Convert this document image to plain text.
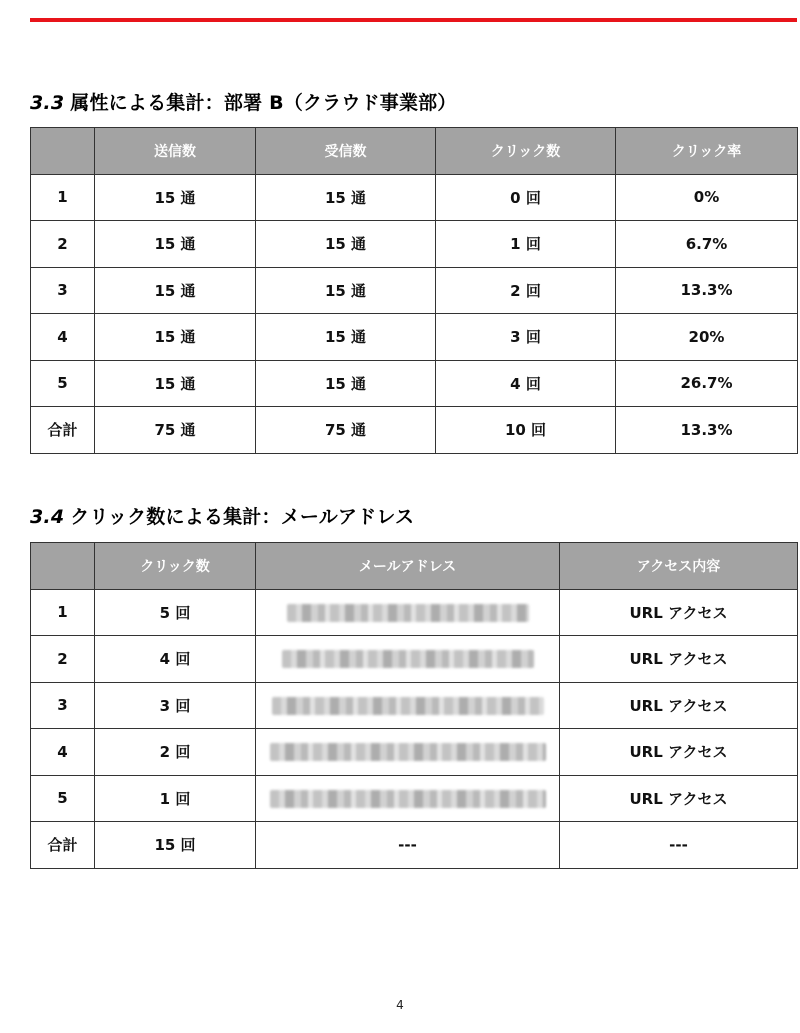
3.3 属性による集計：部署 B（クラウド事業部）
	送信数	受信数	クリック数	クリック率
1	15 通	15 通	0 回	0%
2	15 通	15 通	1 回	6.7%
3	15 通	15 通	2 回	13.3%
4	15 通	15 通	3 回	20%
5	15 通	15 通	4 回	26.7%
合計	75 通	75 通	10 回	13.3%
3.4 クリック数による集計：メールアドレス
	クリック数	メールアドレス	アクセス内容
1	5 回		URL アクセス
2	4 回		URL アクセス
3	3 回		URL アクセス
4	2 回		URL アクセス
5	1 回		URL アクセス
合計	15 回	---	---
4
